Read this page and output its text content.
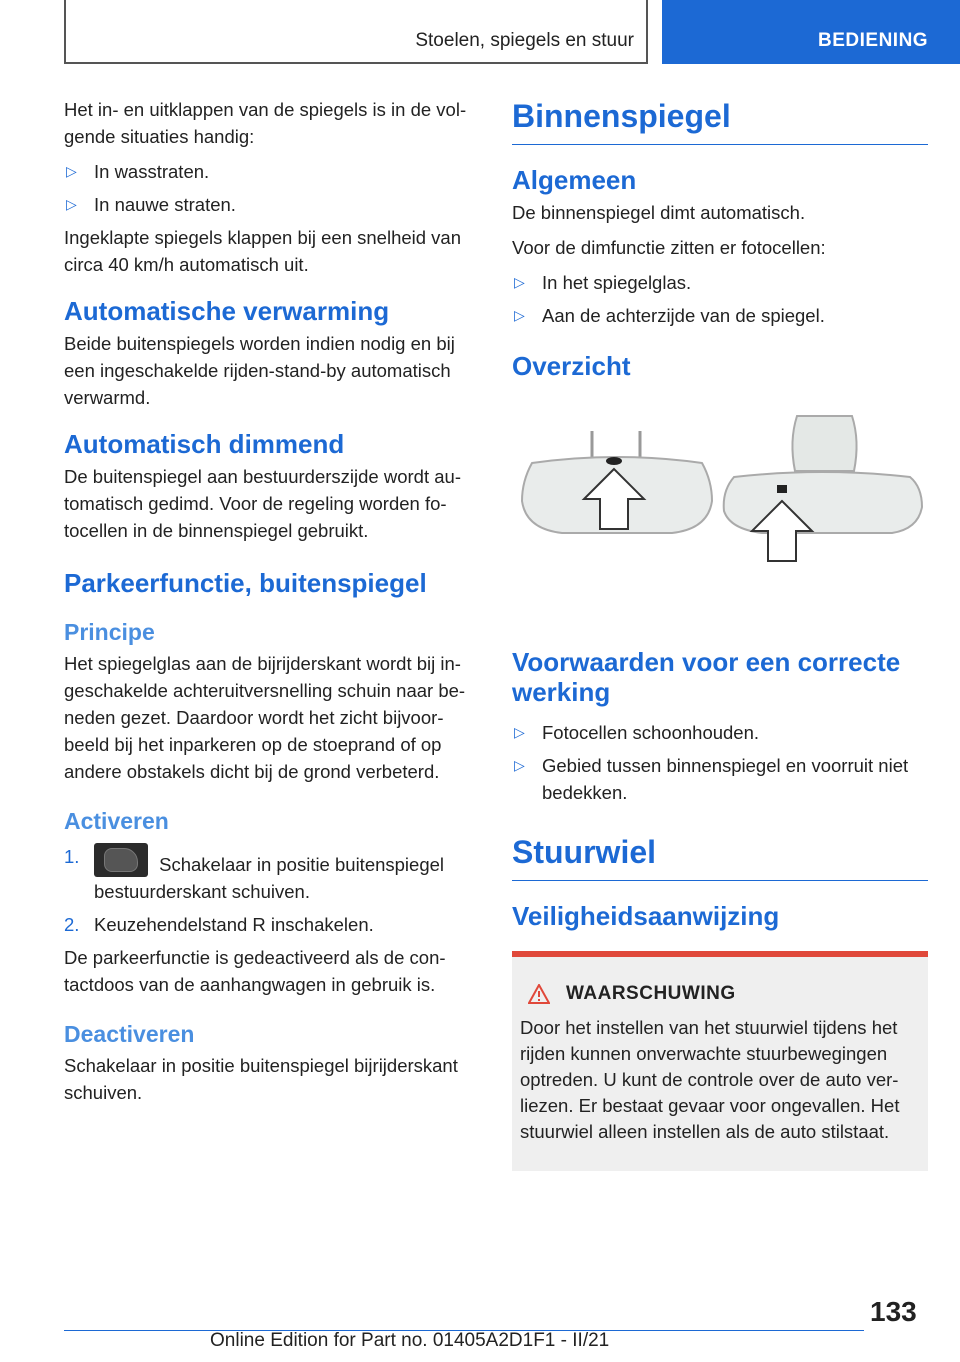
Stoelen, spiegels en stuur	BEDIENING

Het in- en uitklappen van de spiegels is in de volgende situaties handig:

▷ In wasstraten.
▷ In nauwe straten.

Ingeklapte spiegels klappen bij een snelheid van circa 40 km/h automatisch uit.

Automatische verwarming

Beide buitenspiegels worden indien nodig en bij een ingeschakelde rijden-stand-by automatisch verwarmd.

Automatisch dimmend

De buitenspiegel aan bestuurderszijde wordt automatisch gedimd. Voor de regeling worden fotocellen in de binnenspiegel gebruikt.

Parkeerfunctie, buitenspiegel
Principe

Het spiegelglas aan de bijrijderskant wordt bij ingeschakelde achteruitversnelling schuin naar beneden gezet. Daardoor wordt het zicht bijvoorbeeld bij het inparkeren op de stoeprand of op andere obstakels dicht bij de grond verbeterd.

Activeren
1.	Schakelaar in positie buitenspiegel bestuurderskant schuiven.
2. Keuzehendelstand R inschakelen.

De parkeerfunctie is gedeactiveerd als de contactdoos van de aanhangwagen in gebruik is.

Deactiveren

Schakelaar in positie buitenspiegel bijrijderskant schuiven.

Binnenspiegel
Algemeen

De binnenspiegel dimt automatisch.

Voor de dimfunctie zitten er fotocellen:

▷ In het spiegelglas.
▷ Aan de achterzijde van de spiegel.
Overzicht
Voorwaarden voor een correcte werking
▷ Fotocellen schoonhouden.
▷ Gebied tussen binnenspiegel en voorruit niet bedekken.
Stuurwiel
Veiligheidsaanwijzing
WAARSCHUWING

Door het instellen van het stuurwiel tijdens het rijden kunnen onverwachte stuurbewegingen optreden. U kunt de controle over de auto verliezen. Er bestaat gevaar voor ongevallen. Het stuurwiel alleen instellen als de auto stilstaat.

133
Online Edition for Part no. 01405A2D1F1 - II/21
